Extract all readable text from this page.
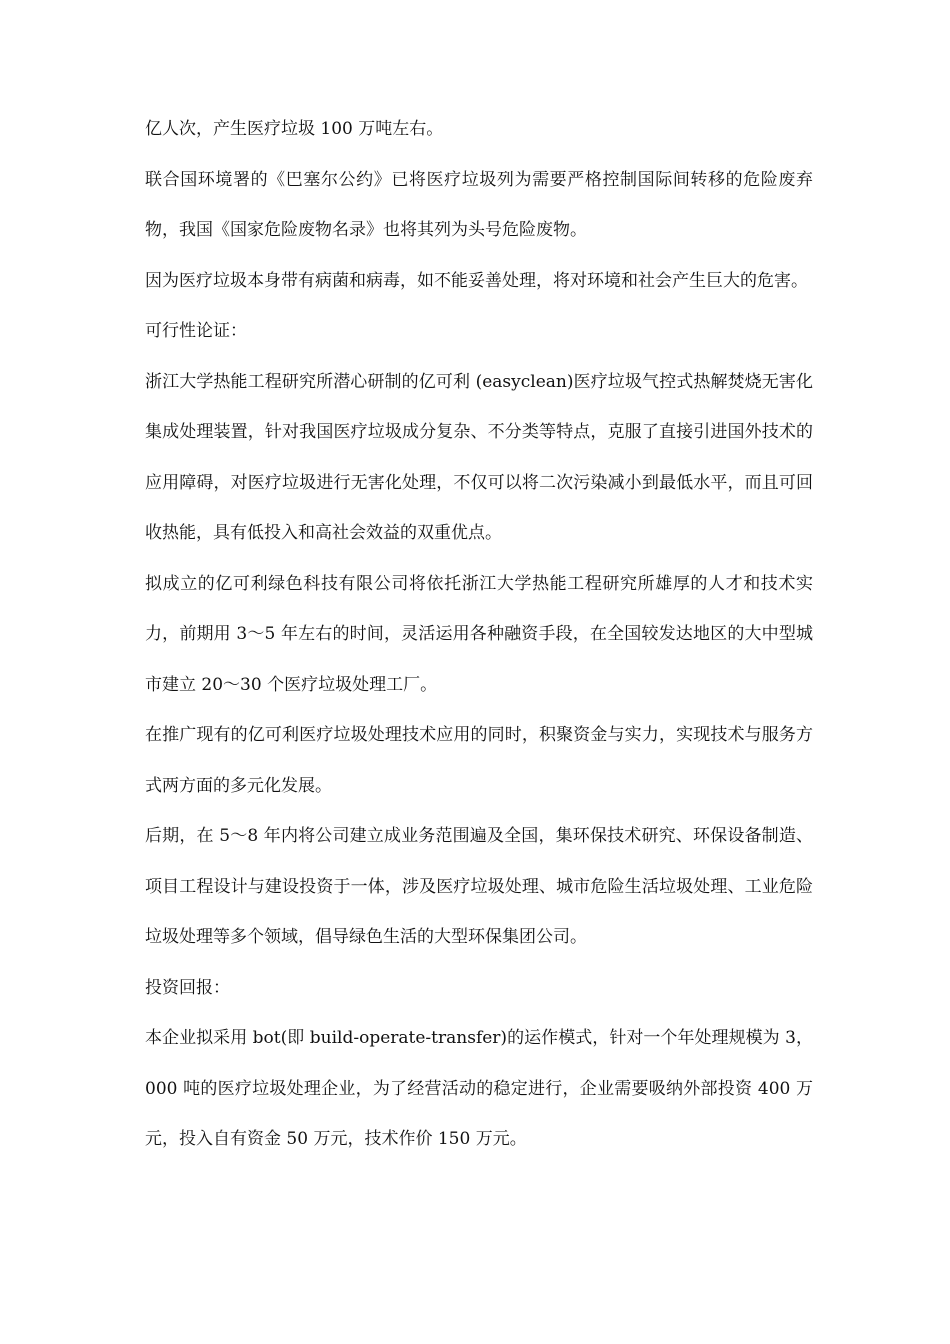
亿人次，产生医疗垃圾 100 万吨左右。
联合国环境署的《巴塞尔公约》已将医疗垃圾列为需要严格控制国际间转移的危险废弃物，我国《国家危险废物名录》也将其列为头号危险废物。
因为医疗垃圾本身带有病菌和病毒，如不能妥善处理，将对环境和社会产生巨大的危害。
可行性论证：
浙江大学热能工程研究所潜心研制的亿可利 (easyclean)医疗垃圾气控式热解焚烧无害化集成处理装置，针对我国医疗垃圾成分复杂、不分类等特点，克服了直接引进国外技术的应用障碍，对医疗垃圾进行无害化处理，不仅可以将二次污染减小到最低水平，而且可回收热能，具有低投入和高社会效益的双重优点。
拟成立的亿可利绿色科技有限公司将依托浙江大学热能工程研究所雄厚的人才和技术实力，前期用 3～5 年左右的时间，灵活运用各种融资手段，在全国较发达地区的大中型城市建立 20～30 个医疗垃圾处理工厂。
在推广现有的亿可利医疗垃圾处理技术应用的同时，积聚资金与实力，实现技术与服务方式两方面的多元化发展。
后期，在 5～8 年内将公司建立成业务范围遍及全国，集环保技术研究、环保设备制造、项目工程设计与建设投资于一体，涉及医疗垃圾处理、城市危险生活垃圾处理、工业危险垃圾处理等多个领域，倡导绿色生活的大型环保集团公司。
投资回报：
本企业拟采用 bot(即 build-operate-transfer)的运作模式，针对一个年处理规模为 3，000 吨的医疗垃圾处理企业，为了经营活动的稳定进行，企业需要吸纳外部投资 400 万元，投入自有资金 50 万元，技术作价 150 万元。
